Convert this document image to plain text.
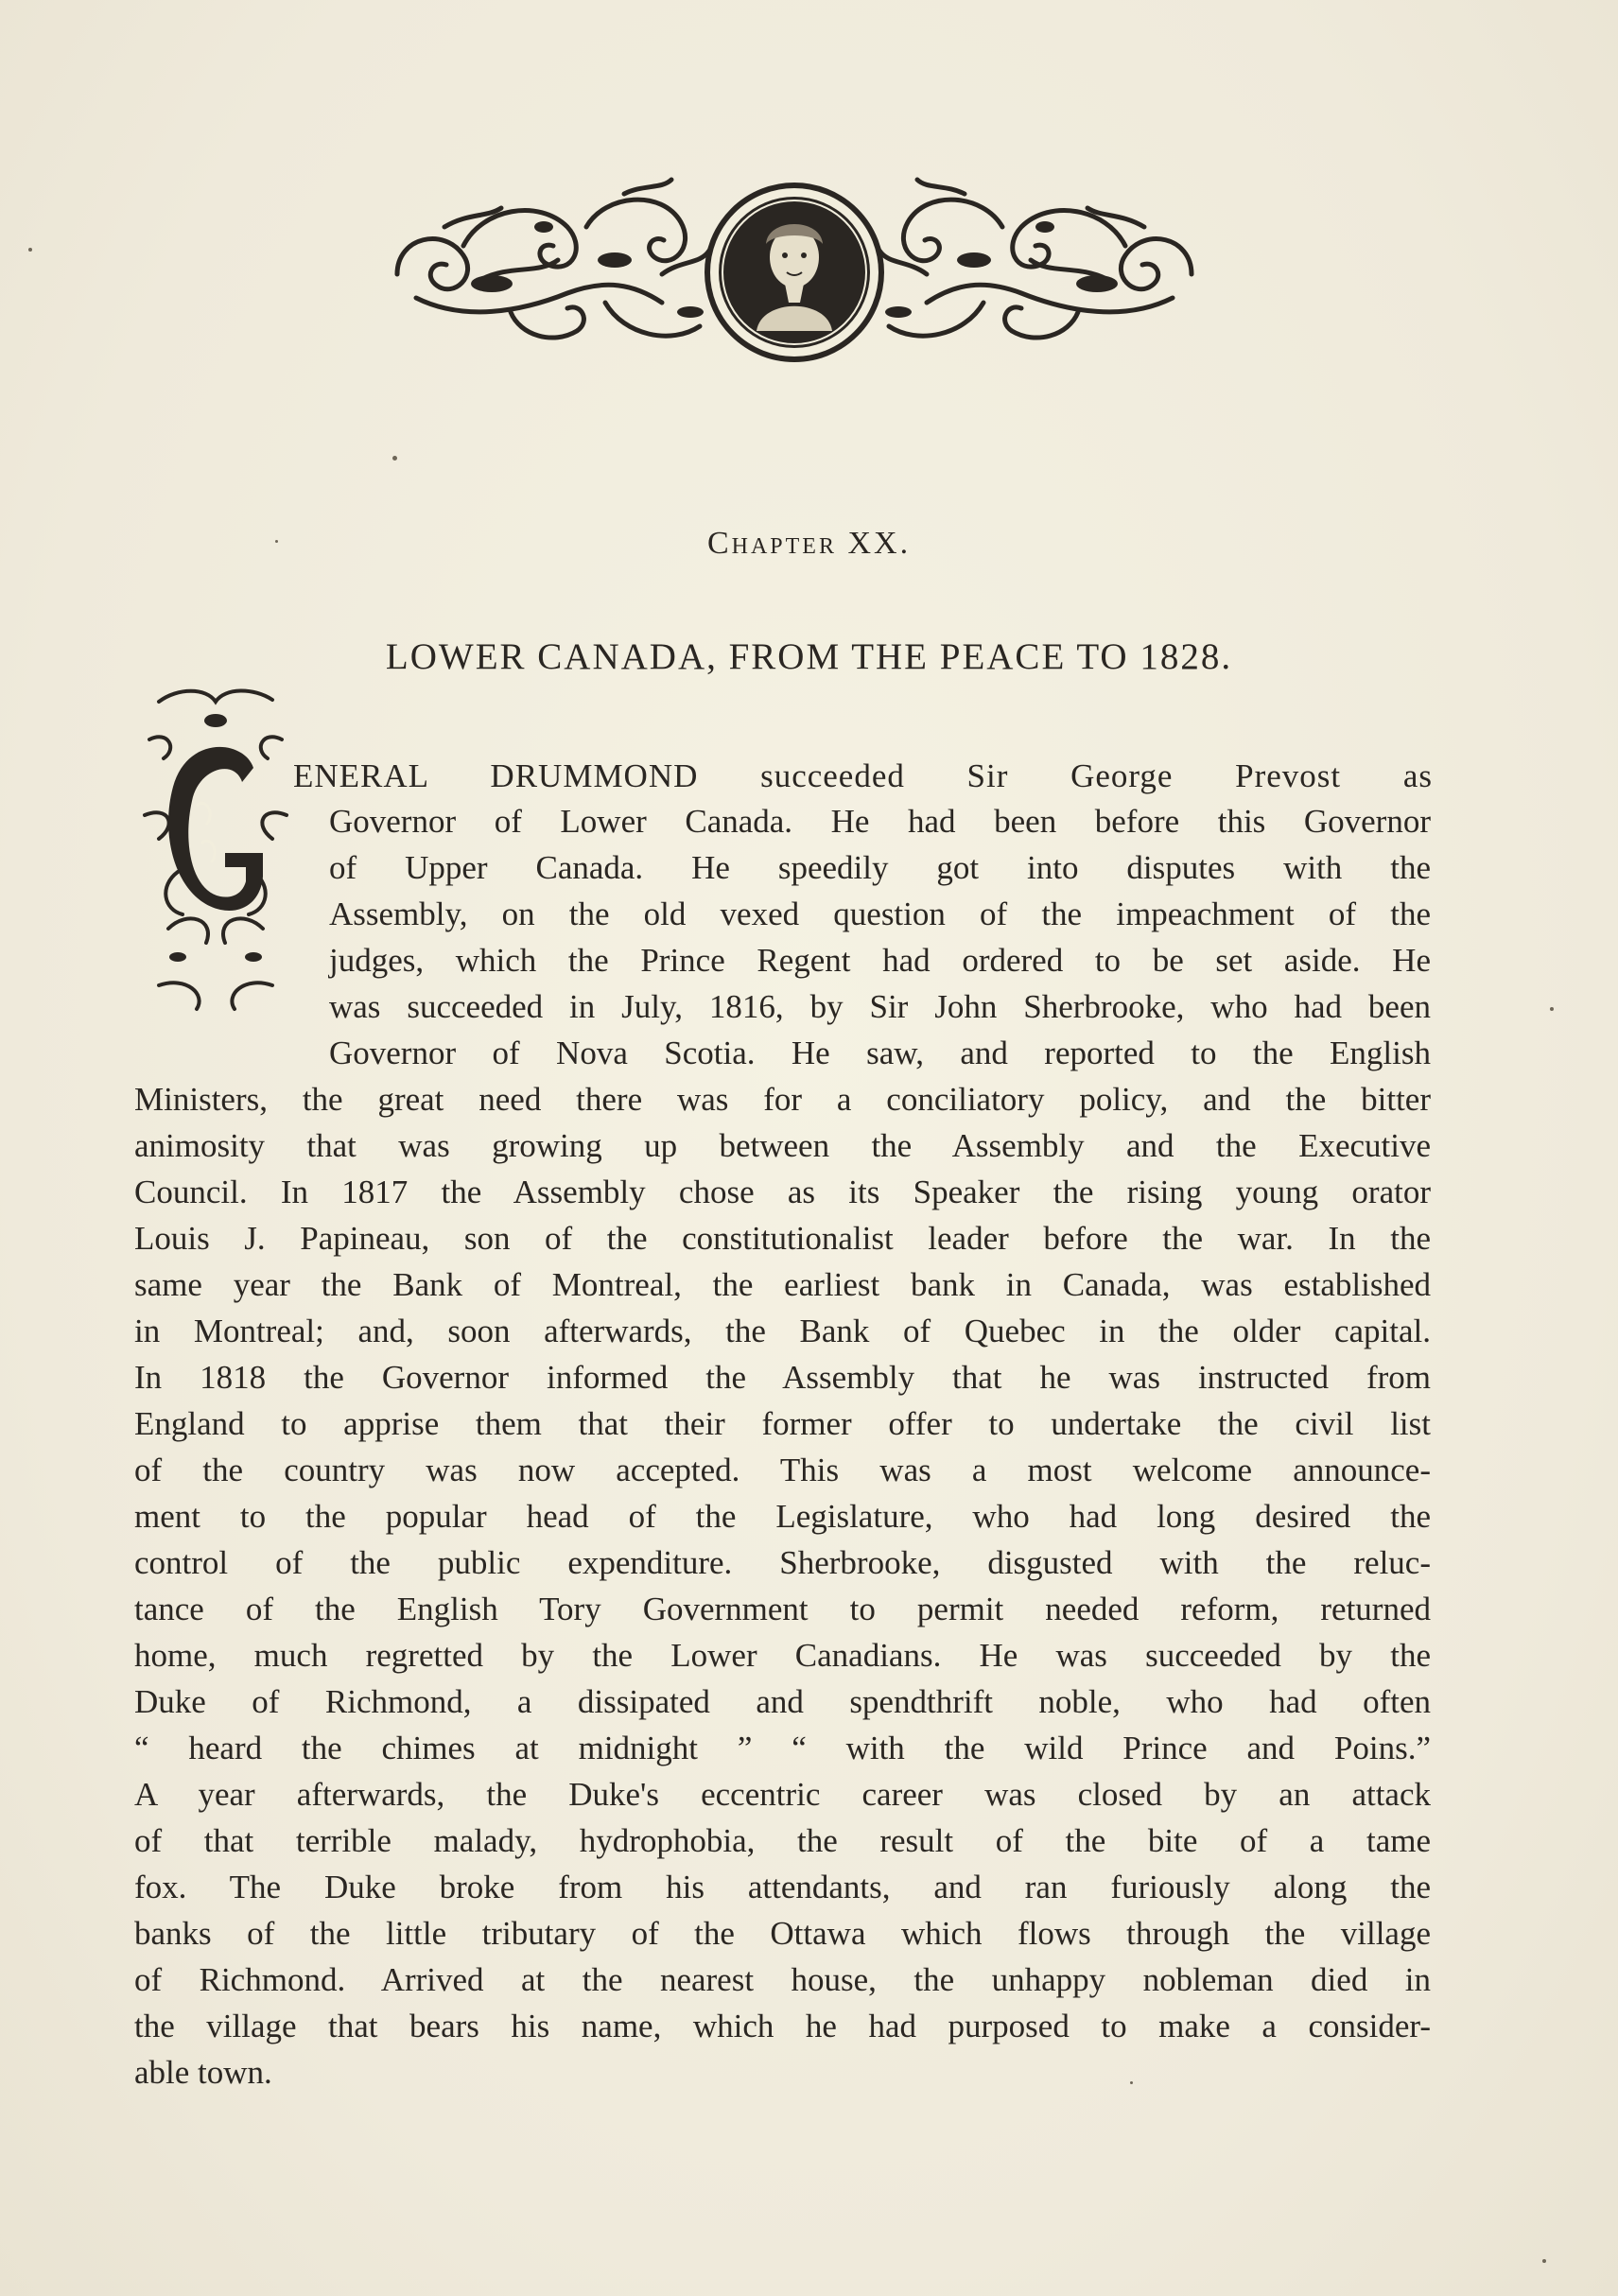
Chapter XX.
LOWER CANADA, FROM THE PEACE TO 1828.
ENERAL DRUMMOND succeeded Sir George Prevost as
Governor of Lower Canada. He had been before this Governor
of Upper Canada. He speedily got into disputes with the
Assembly, on the old vexed question of the impeachment of the
judges, which the Prince Regent had ordered to be set aside. He
was succeeded in July, 1816, by Sir John Sherbrooke, who had been
Governor of Nova Scotia. He saw, and reported to the English
Ministers, the great need there was for a conciliatory policy, and the bitter
animosity that was growing up between the Assembly and the Executive
Council. In 1817 the Assembly chose as its Speaker the rising young orator
Louis J. Papineau, son of the constitutionalist leader before the war. In the
same year the Bank of Montreal, the earliest bank in Canada, was established
in Montreal; and, soon afterwards, the Bank of Quebec in the older capital.
In 1818 the Governor informed the Assembly that he was instructed from
England to apprise them that their former offer to undertake the civil list
of the country was now accepted. This was a most welcome announce-
ment to the popular head of the Legislature, who had long desired the
control of the public expenditure. Sherbrooke, disgusted with the reluc-
tance of the English Tory Government to permit needed reform, returned
home, much regretted by the Lower Canadians. He was succeeded by the
Duke of Richmond, a dissipated and spendthrift noble, who had often
“ heard the chimes at midnight ” “ with the wild Prince and Poins.”
A year afterwards, the Duke's eccentric career was closed by an attack
of that terrible malady, hydrophobia, the result of the bite of a tame
fox. The Duke broke from his attendants, and ran furiously along the
banks of the little tributary of the Ottawa which flows through the village
of Richmond. Arrived at the nearest house, the unhappy nobleman died in
the village that bears his name, which he had purposed to make a consider-
able town.
